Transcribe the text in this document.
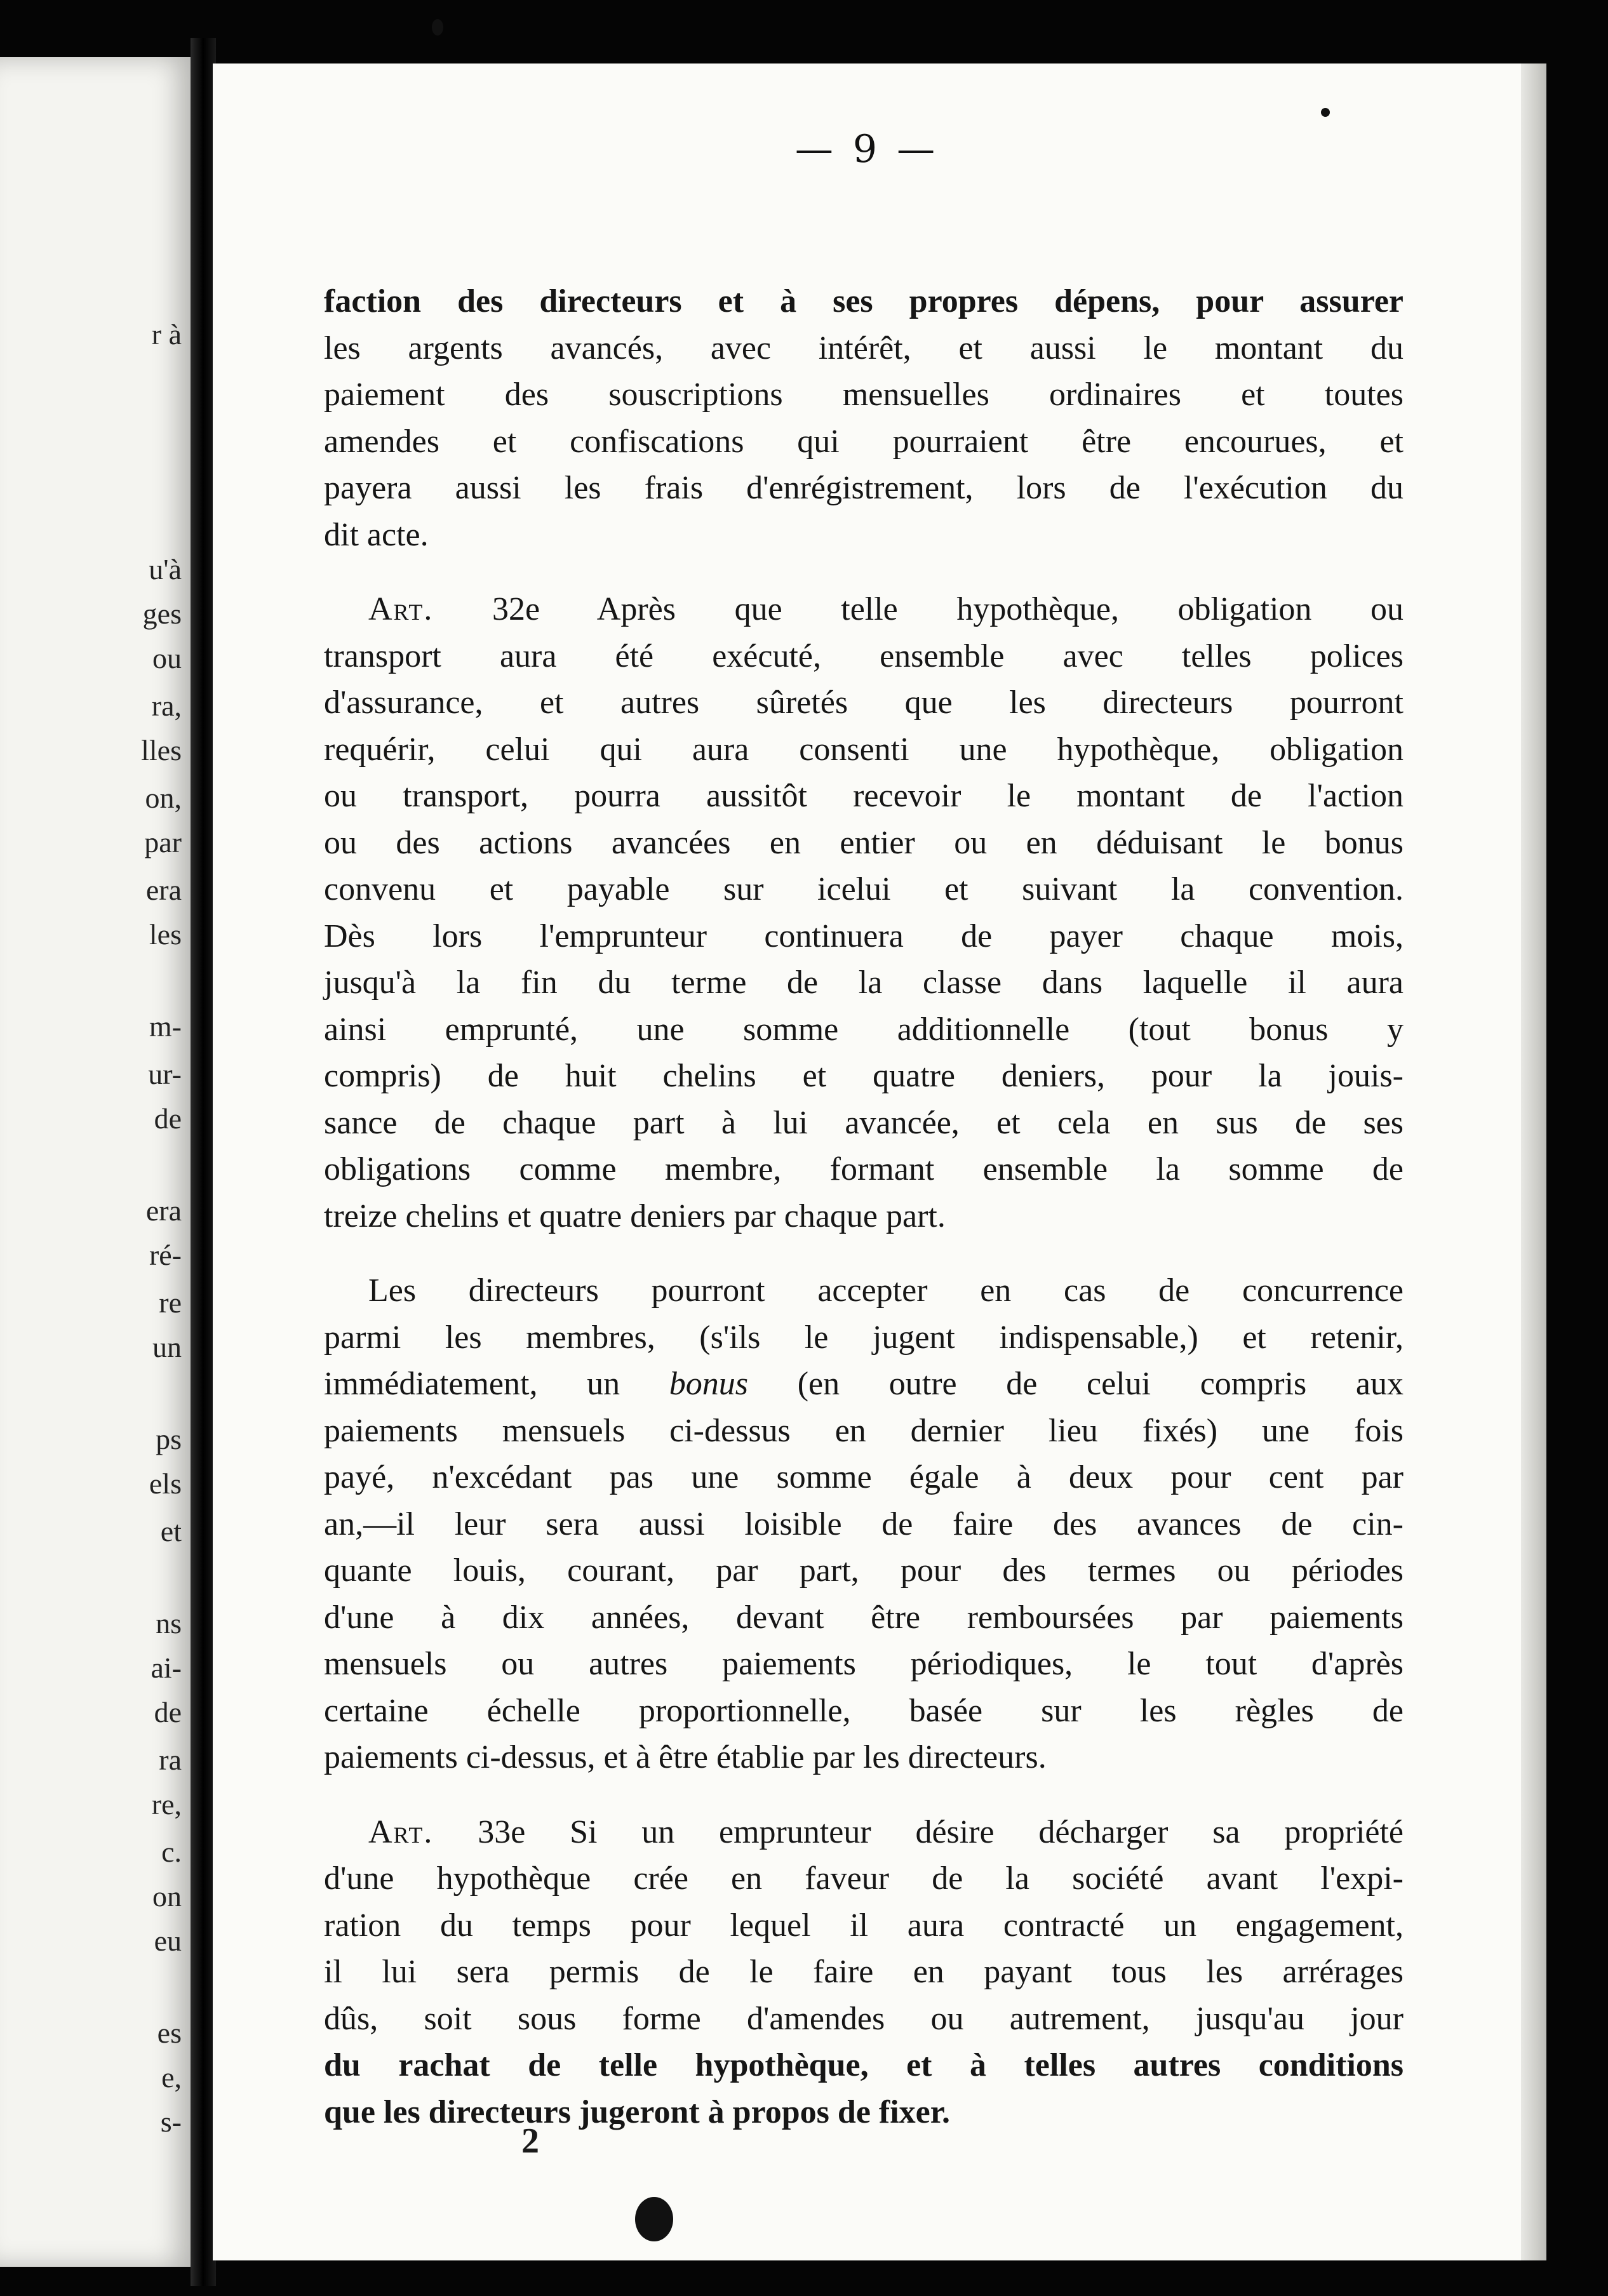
r à
u'à
ges
ou
ra,
lles
on,
par
era
les
m-
ur-
de
era
ré-
re
un
ps
els
et
ns
ai-
de
ra
re,
c.
on
eu
es
e,
s-
— 9 —
faction des directeurs et à ses propres dépens, pour assurer
les argents avancés, avec intérêt, et aussi le montant du
paiement des souscriptions mensuelles ordinaires et toutes
amendes et confiscations qui pourraient être encourues, et
payera aussi les frais d'enrégistrement, lors de l'exécution du
dit acte.
Art. 32e Après que telle hypothèque, obligation ou
transport aura été exécuté, ensemble avec telles polices
d'assurance, et autres sûretés que les directeurs pourront
requérir, celui qui aura consenti une hypothèque, obligation
ou transport, pourra aussitôt recevoir le montant de l'action
ou des actions avancées en entier ou en déduisant le bonus
convenu et payable sur icelui et suivant la convention.
Dès lors l'emprunteur continuera de payer chaque mois,
jusqu'à la fin du terme de la classe dans laquelle il aura
ainsi emprunté, une somme additionnelle (tout bonus y
compris) de huit chelins et quatre deniers, pour la jouis-
sance de chaque part à lui avancée, et cela en sus de ses
obligations comme membre, formant ensemble la somme de
treize chelins et quatre deniers par chaque part.
Les directeurs pourront accepter en cas de concurrence
parmi les membres, (s'ils le jugent indispensable,) et retenir,
immédiatement, un bonus (en outre de celui compris aux
paiements mensuels ci-dessus en dernier lieu fixés) une fois
payé, n'excédant pas une somme égale à deux pour cent par
an,—il leur sera aussi loisible de faire des avances de cin-
quante louis, courant, par part, pour des termes ou périodes
d'une à dix années, devant être remboursées par paiements
mensuels ou autres paiements périodiques, le tout d'après
certaine échelle proportionnelle, basée sur les règles de
paiements ci-dessus, et à être établie par les directeurs.
Art. 33e Si un emprunteur désire décharger sa propriété
d'une hypothèque crée en faveur de la société avant l'expi-
ration du temps pour lequel il aura contracté un engagement,
il lui sera permis de le faire en payant tous les arrérages
dûs, soit sous forme d'amendes ou autrement, jusqu'au jour
du rachat de telle hypothèque, et à telles autres conditions
que les directeurs jugeront à propos de fixer.
2
